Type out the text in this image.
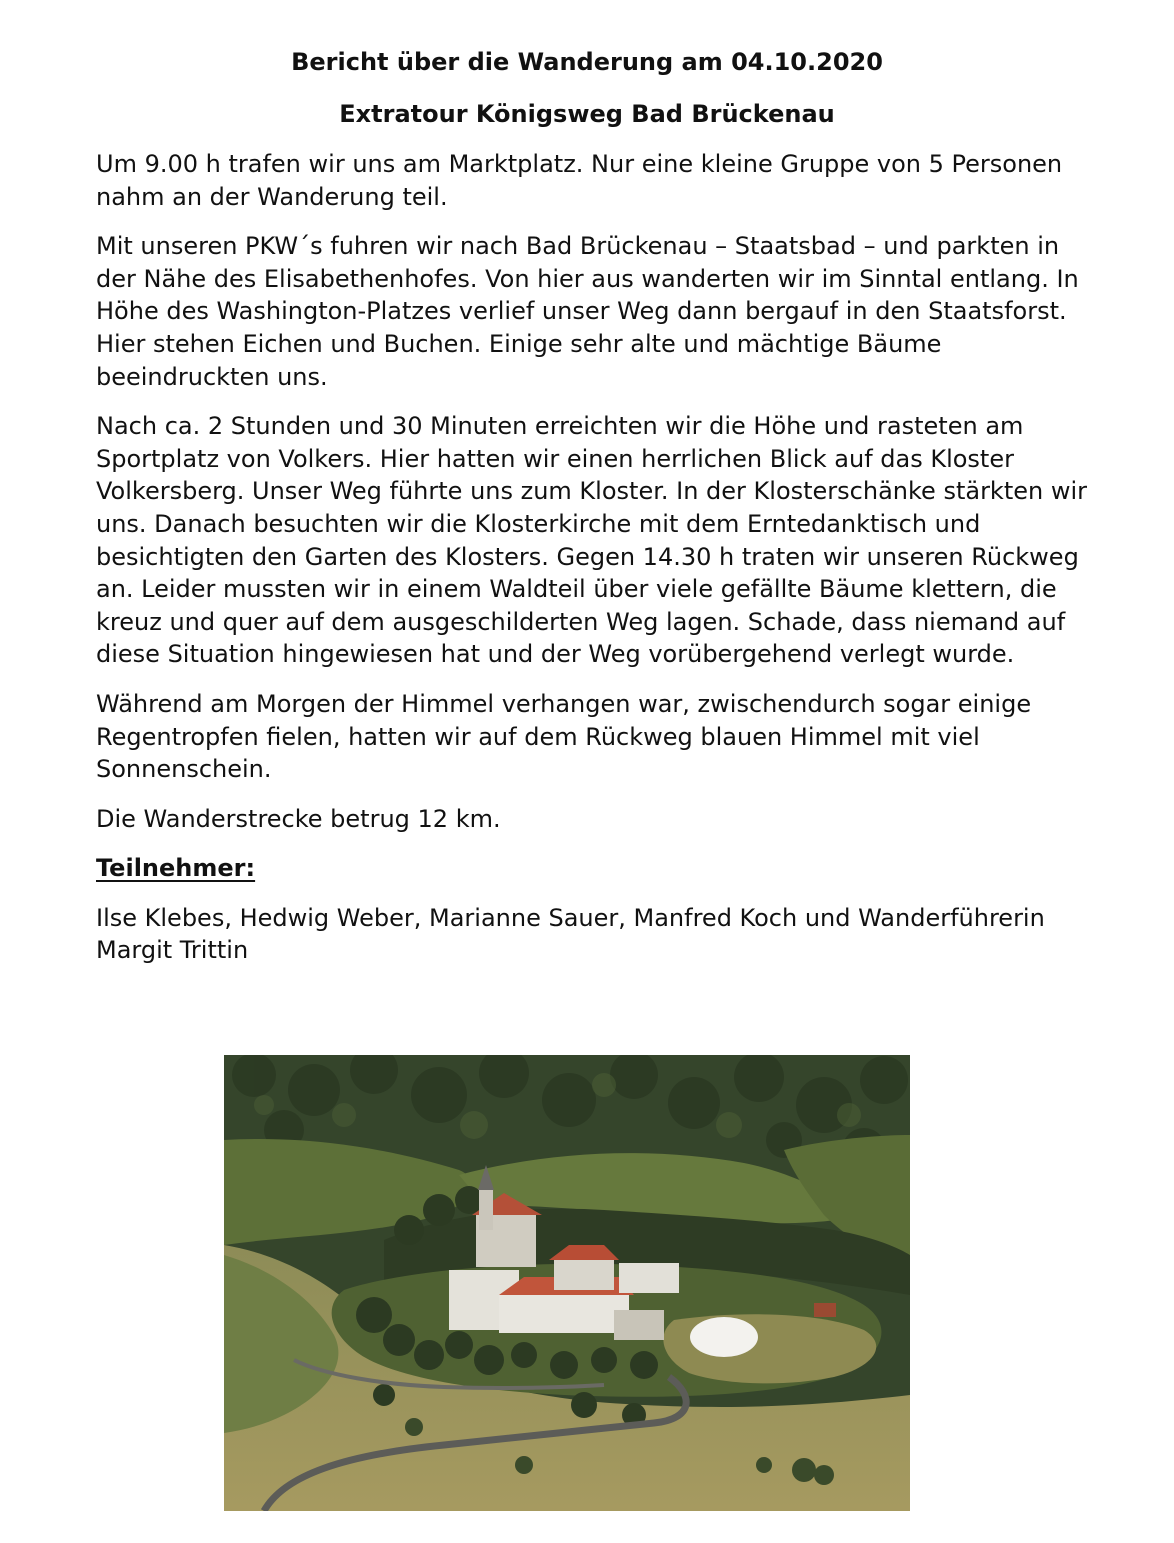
Bericht über die Wanderung am 04.10.2020
Extratour Königsweg Bad Brückenau

Um 9.00 h trafen wir uns am Marktplatz. Nur eine kleine Gruppe von 5 Personen nahm an der Wanderung teil.

Mit unseren PKW´s fuhren wir nach Bad Brückenau – Staatsbad – und parkten in der Nähe des Elisabethenhofes. Von hier aus wanderten wir im Sinntal entlang. In Höhe des Washington-Platzes verlief unser Weg dann bergauf in den Staatsforst. Hier stehen Eichen und Buchen. Einige sehr alte und mächtige Bäume beeindruckten uns.

Nach ca. 2 Stunden und 30 Minuten erreichten wir die Höhe und rasteten am Sportplatz von Volkers. Hier hatten wir einen herrlichen Blick auf das Kloster Volkersberg. Unser Weg führte uns zum Kloster. In der Klosterschänke stärkten wir uns. Danach besuchten wir die Klosterkirche mit dem Erntedanktisch und besichtigten den Garten des Klosters. Gegen 14.30 h traten wir unseren Rückweg an. Leider mussten wir in einem Waldteil über viele gefällte Bäume klettern, die kreuz und quer auf dem ausgeschilderten Weg lagen. Schade, dass niemand auf diese Situation hingewiesen hat und der Weg vorübergehend verlegt wurde.

Während am Morgen der Himmel verhangen war, zwischendurch sogar einige Regentropfen fielen, hatten wir auf dem Rückweg blauen Himmel mit viel Sonnenschein.

Die Wanderstrecke betrug 12 km.

Teilnehmer:

Ilse Klebes, Hedwig Weber, Marianne Sauer, Manfred Koch und Wanderführerin Margit Trittin
